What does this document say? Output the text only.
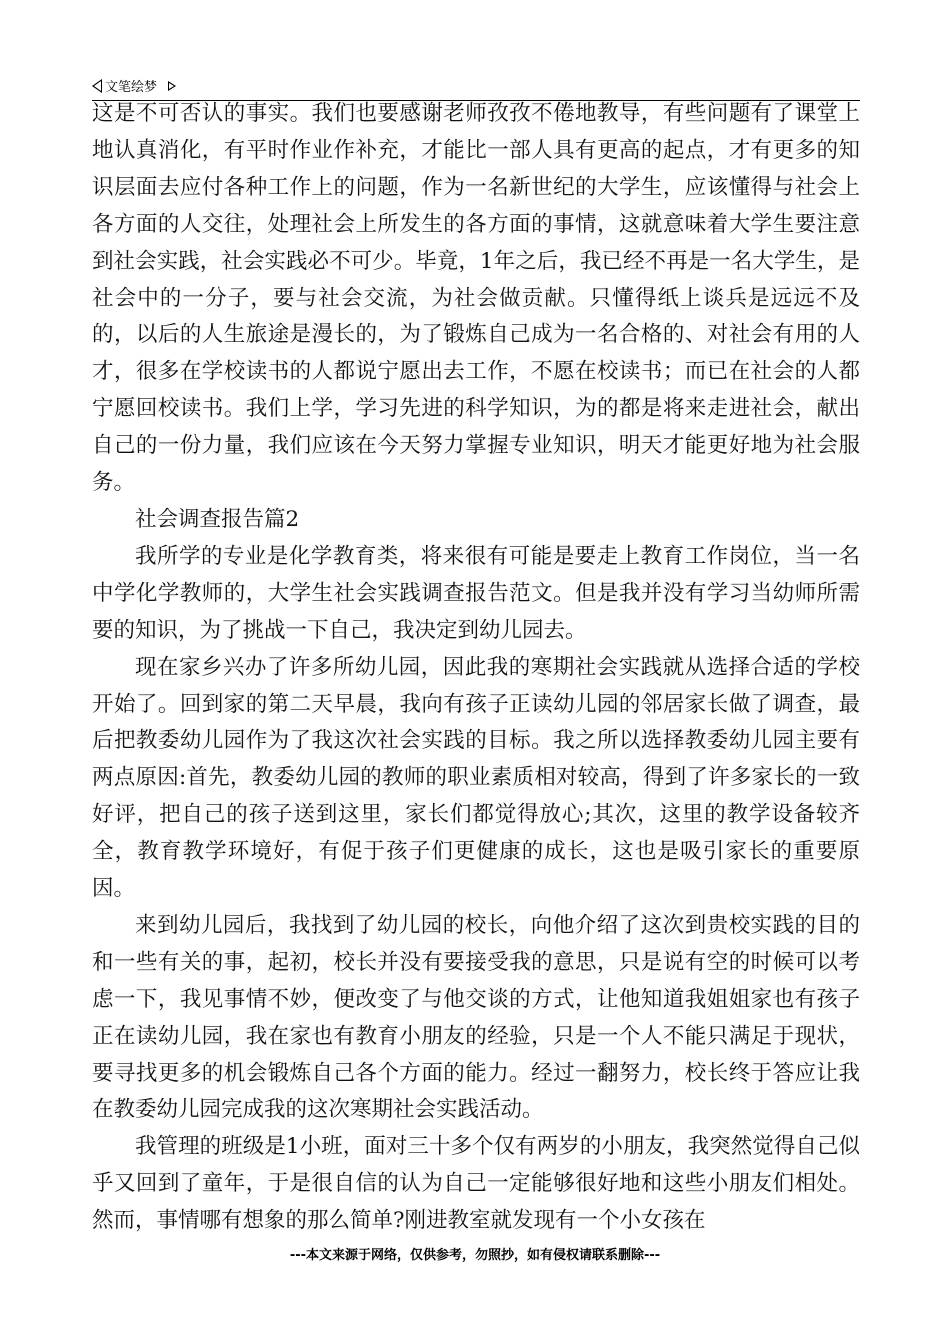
文笔绘梦

这是不可否认的事实。我们也要感谢老师孜孜不倦地教导，有些问题有了课堂上地认真消化，有平时作业作补充，才能比一部人具有更高的起点，才有更多的知识层面去应付各种工作上的问题，作为一名新世纪的大学生，应该懂得与社会上各方面的人交往，处理社会上所发生的各方面的事情，这就意味着大学生要注意到社会实践，社会实践必不可少。毕竟，1年之后，我已经不再是一名大学生，是社会中的一分子，要与社会交流，为社会做贡献。只懂得纸上谈兵是远远不及的，以后的人生旅途是漫长的，为了锻炼自己成为一名合格的、对社会有用的人才，很多在学校读书的人都说宁愿出去工作，不愿在校读书；而已在社会的人都宁愿回校读书。我们上学，学习先进的科学知识，为的都是将来走进社会，献出自己的一份力量，我们应该在今天努力掌握专业知识，明天才能更好地为社会服务。

社会调查报告篇2

我所学的专业是化学教育类，将来很有可能是要走上教育工作岗位，当一名中学化学教师的，大学生社会实践调查报告范文。但是我并没有学习当幼师所需要的知识，为了挑战一下自己，我决定到幼儿园去。

现在家乡兴办了许多所幼儿园，因此我的寒期社会实践就从选择合适的学校开始了。回到家的第二天早晨，我向有孩子正读幼儿园的邻居家长做了调查，最后把教委幼儿园作为了我这次社会实践的目标。我之所以选择教委幼儿园主要有两点原因:首先，教委幼儿园的教师的职业素质相对较高，得到了许多家长的一致好评，把自己的孩子送到这里，家长们都觉得放心;其次，这里的教学设备较齐全，教育教学环境好，有促于孩子们更健康的成长，这也是吸引家长的重要原因。

来到幼儿园后，我找到了幼儿园的校长，向他介绍了这次到贵校实践的目的和一些有关的事，起初，校长并没有要接受我的意思，只是说有空的时候可以考虑一下，我见事情不妙，便改变了与他交谈的方式，让他知道我姐姐家也有孩子正在读幼儿园，我在家也有教育小朋友的经验，只是一个人不能只满足于现状，要寻找更多的机会锻炼自己各个方面的能力。经过一翻努力，校长终于答应让我在教委幼儿园完成我的这次寒期社会实践活动。

我管理的班级是1小班，面对三十多个仅有两岁的小朋友，我突然觉得自己似乎又回到了童年，于是很自信的认为自己一定能够很好地和这些小朋友们相处。然而，事情哪有想象的那么简单?刚进教室就发现有一个小女孩在

---本文来源于网络，仅供参考，勿照抄，如有侵权请联系删除---
